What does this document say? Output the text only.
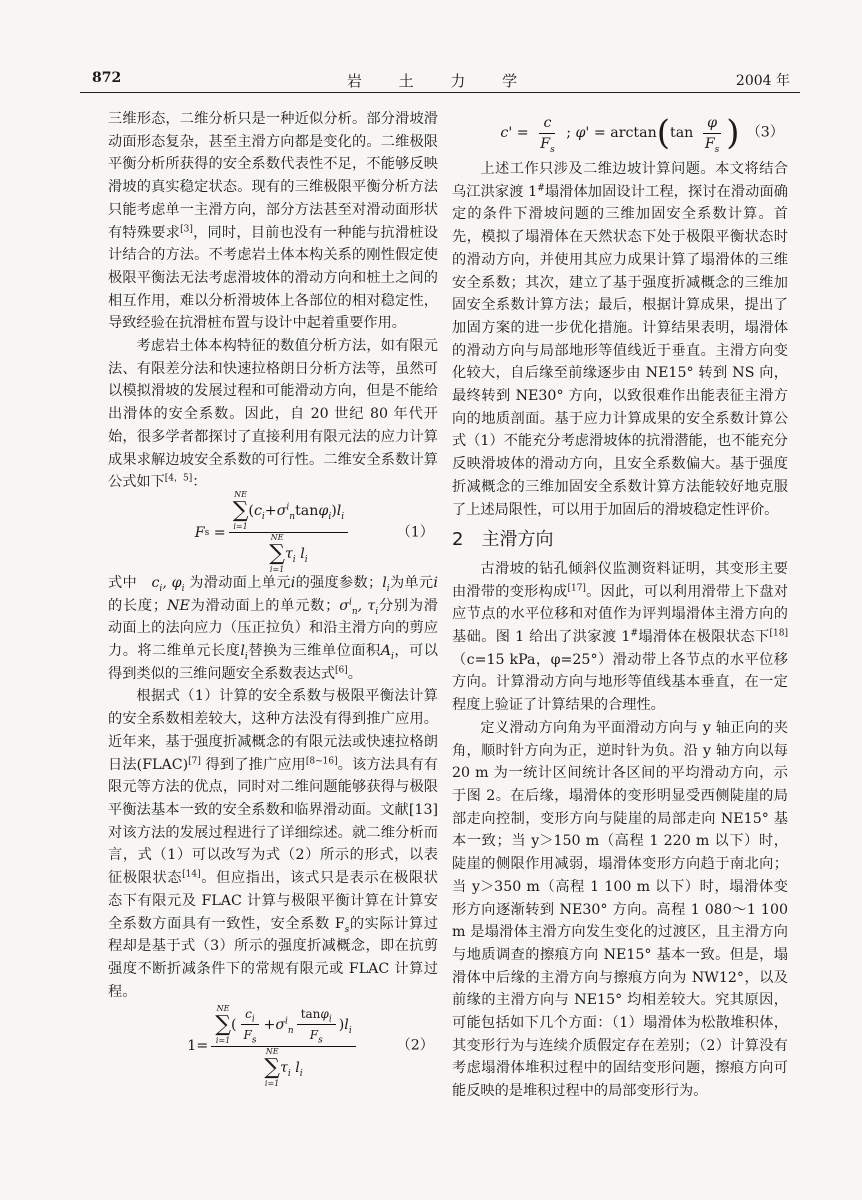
872	岩 土 力 学	2004 年

三维形态，二维分析只是一种近似分析。部分滑坡滑动面形态复杂，甚至主滑方向都是变化的。二维极限平衡分析所获得的安全系数代表性不足，不能够反映滑坡的真实稳定状态。现有的三维极限平衡分析方法只能考虑单一主滑方向，部分方法甚至对滑动面形状有特殊要求[3]，同时，目前也没有一种能与抗滑桩设计结合的方法。不考虑岩土体本构关系的刚性假定使极限平衡法无法考虑滑坡体的滑动方向和桩土之间的相互作用，难以分析滑坡体上各部位的相对稳定性，导致经验在抗滑桩布置与设计中起着重要作用。

考虑岩土体本构特征的数值分析方法，如有限元法、有限差分法和快速拉格朗日分析方法等，虽然可以模拟滑坡的发展过程和可能滑动方向，但是不能给出滑体的安全系数。因此，自 20 世纪 80 年代开始，很多学者都探讨了直接利用有限元法的应力计算成果求解边坡安全系数的可行性。二维安全系数计算公式如下[4，5]：

F s = NE
∑
i=1
$(c_i+\sigma^i_n\tan\varphi_i)l_i$
NE
∑
i=1
$\tau_i$ $l_i$	（1）

式中　$c_i$, $\varphi_i$ 为滑动面上单元i的强度参数；$l_i$为单元i的长度；NE为滑动面上的单元数；$\sigma^i_n$, $\tau_i$分别为滑动面上的法向应力（压正拉负）和沿主滑方向的剪应力。将二维单元长度$l_i$替换为三维单位面积$A_i$，可以得到类似的三维问题安全系数表达式[6]。

根据式（1）计算的安全系数与极限平衡法计算的安全系数相差较大，这种方法没有得到推广应用。近年来，基于强度折减概念的有限元法或快速拉格朗日法(FLAC)[7] 得到了推广应用[8~16]。该方法具有有限元等方法的优点，同时对二维问题能够获得与极限平衡法基本一致的安全系数和临界滑动面。文献[13]对该方法的发展过程进行了详细综述。就二维分析而言，式（1）可以改写为式（2）所示的形式，以表征极限状态[14]。但应指出，该式只是表示在极限状态下有限元及 FLAC 计算与极限平衡计算在计算安全系数方面具有一致性，安全系数 $F_s$的实际计算过程却是基于式（3）所示的强度折减概念，即在抗剪强度不断折减条件下的常规有限元或 FLAC 计算过程。

1= NE
∑
i=1
( $\frac{c_i}{F_s} +\sigma^i_n \frac{\tan\varphi_i}{F_s} )l_i$
NE
∑
i=1
$\tau_i$ $l_i$	（2）
$c' = \frac{c}{F_s}$ ; φ' = arctan ( $\tan \frac{\varphi}{F_s}$ ) （3）

上述工作只涉及二维边坡计算问题。本文将结合乌江洪家渡 1#塌滑体加固设计工程，探讨在滑动面确定的条件下滑坡问题的三维加固安全系数计算。首先，模拟了塌滑体在天然状态下处于极限平衡状态时的滑动方向，并使用其应力成果计算了塌滑体的三维安全系数；其次，建立了基于强度折减概念的三维加固安全系数计算方法；最后，根据计算成果，提出了加固方案的进一步优化措施。计算结果表明，塌滑体的滑动方向与局部地形等值线近于垂直。主滑方向变化较大，自后缘至前缘逐步由 NE15° 转到 NS 向，最终转到 NE30° 方向，以致很难作出能表征主滑方向的地质剖面。基于应力计算成果的安全系数计算公式（1）不能充分考虑滑坡体的抗滑潜能，也不能充分反映滑坡体的滑动方向，且安全系数偏大。基于强度折减概念的三维加固安全系数计算方法能较好地克服了上述局限性，可以用于加固后的滑坡稳定性评价。

2 主滑方向

古滑坡的钻孔倾斜仪监测资料证明，其变形主要由滑带的变形构成[17]。因此，可以利用滑带上下盘对应节点的水平位移和对值作为评判塌滑体主滑方向的基础。图 1 给出了洪家渡 1#塌滑体在极限状态下[18]（c=15 kPa，φ=25°）滑动带上各节点的水平位移方向。计算滑动方向与地形等值线基本垂直，在一定程度上验证了计算结果的合理性。

定义滑动方向角为平面滑动方向与 y 轴正向的夹角，顺时针方向为正，逆时针为负。沿 y 轴方向以每 20 m 为一统计区间统计各区间的平均滑动方向，示于图 2。在后缘，塌滑体的变形明显受西侧陡崖的局部走向控制，变形方向与陡崖的局部走向 NE15° 基本一致；当 y＞150 m（高程 1 220 m 以下）时，陡崖的侧限作用减弱，塌滑体变形方向趋于南北向；当 y＞350 m（高程 1 100 m 以下）时，塌滑体变形方向逐渐转到 NE30° 方向。高程 1 080～1 100 m 是塌滑体主滑方向发生变化的过渡区，且主滑方向与地质调查的擦痕方向 NE15° 基本一致。但是，塌滑体中后缘的主滑方向与擦痕方向为 NW12°，以及前缘的主滑方向与 NE15° 均相差较大。究其原因，可能包括如下几个方面：（1）塌滑体为松散堆积体，其变形行为与连续介质假定存在差别；（2）计算没有考虑塌滑体堆积过程中的固结变形问题，擦痕方向可能反映的是堆积过程中的局部变形行为。
